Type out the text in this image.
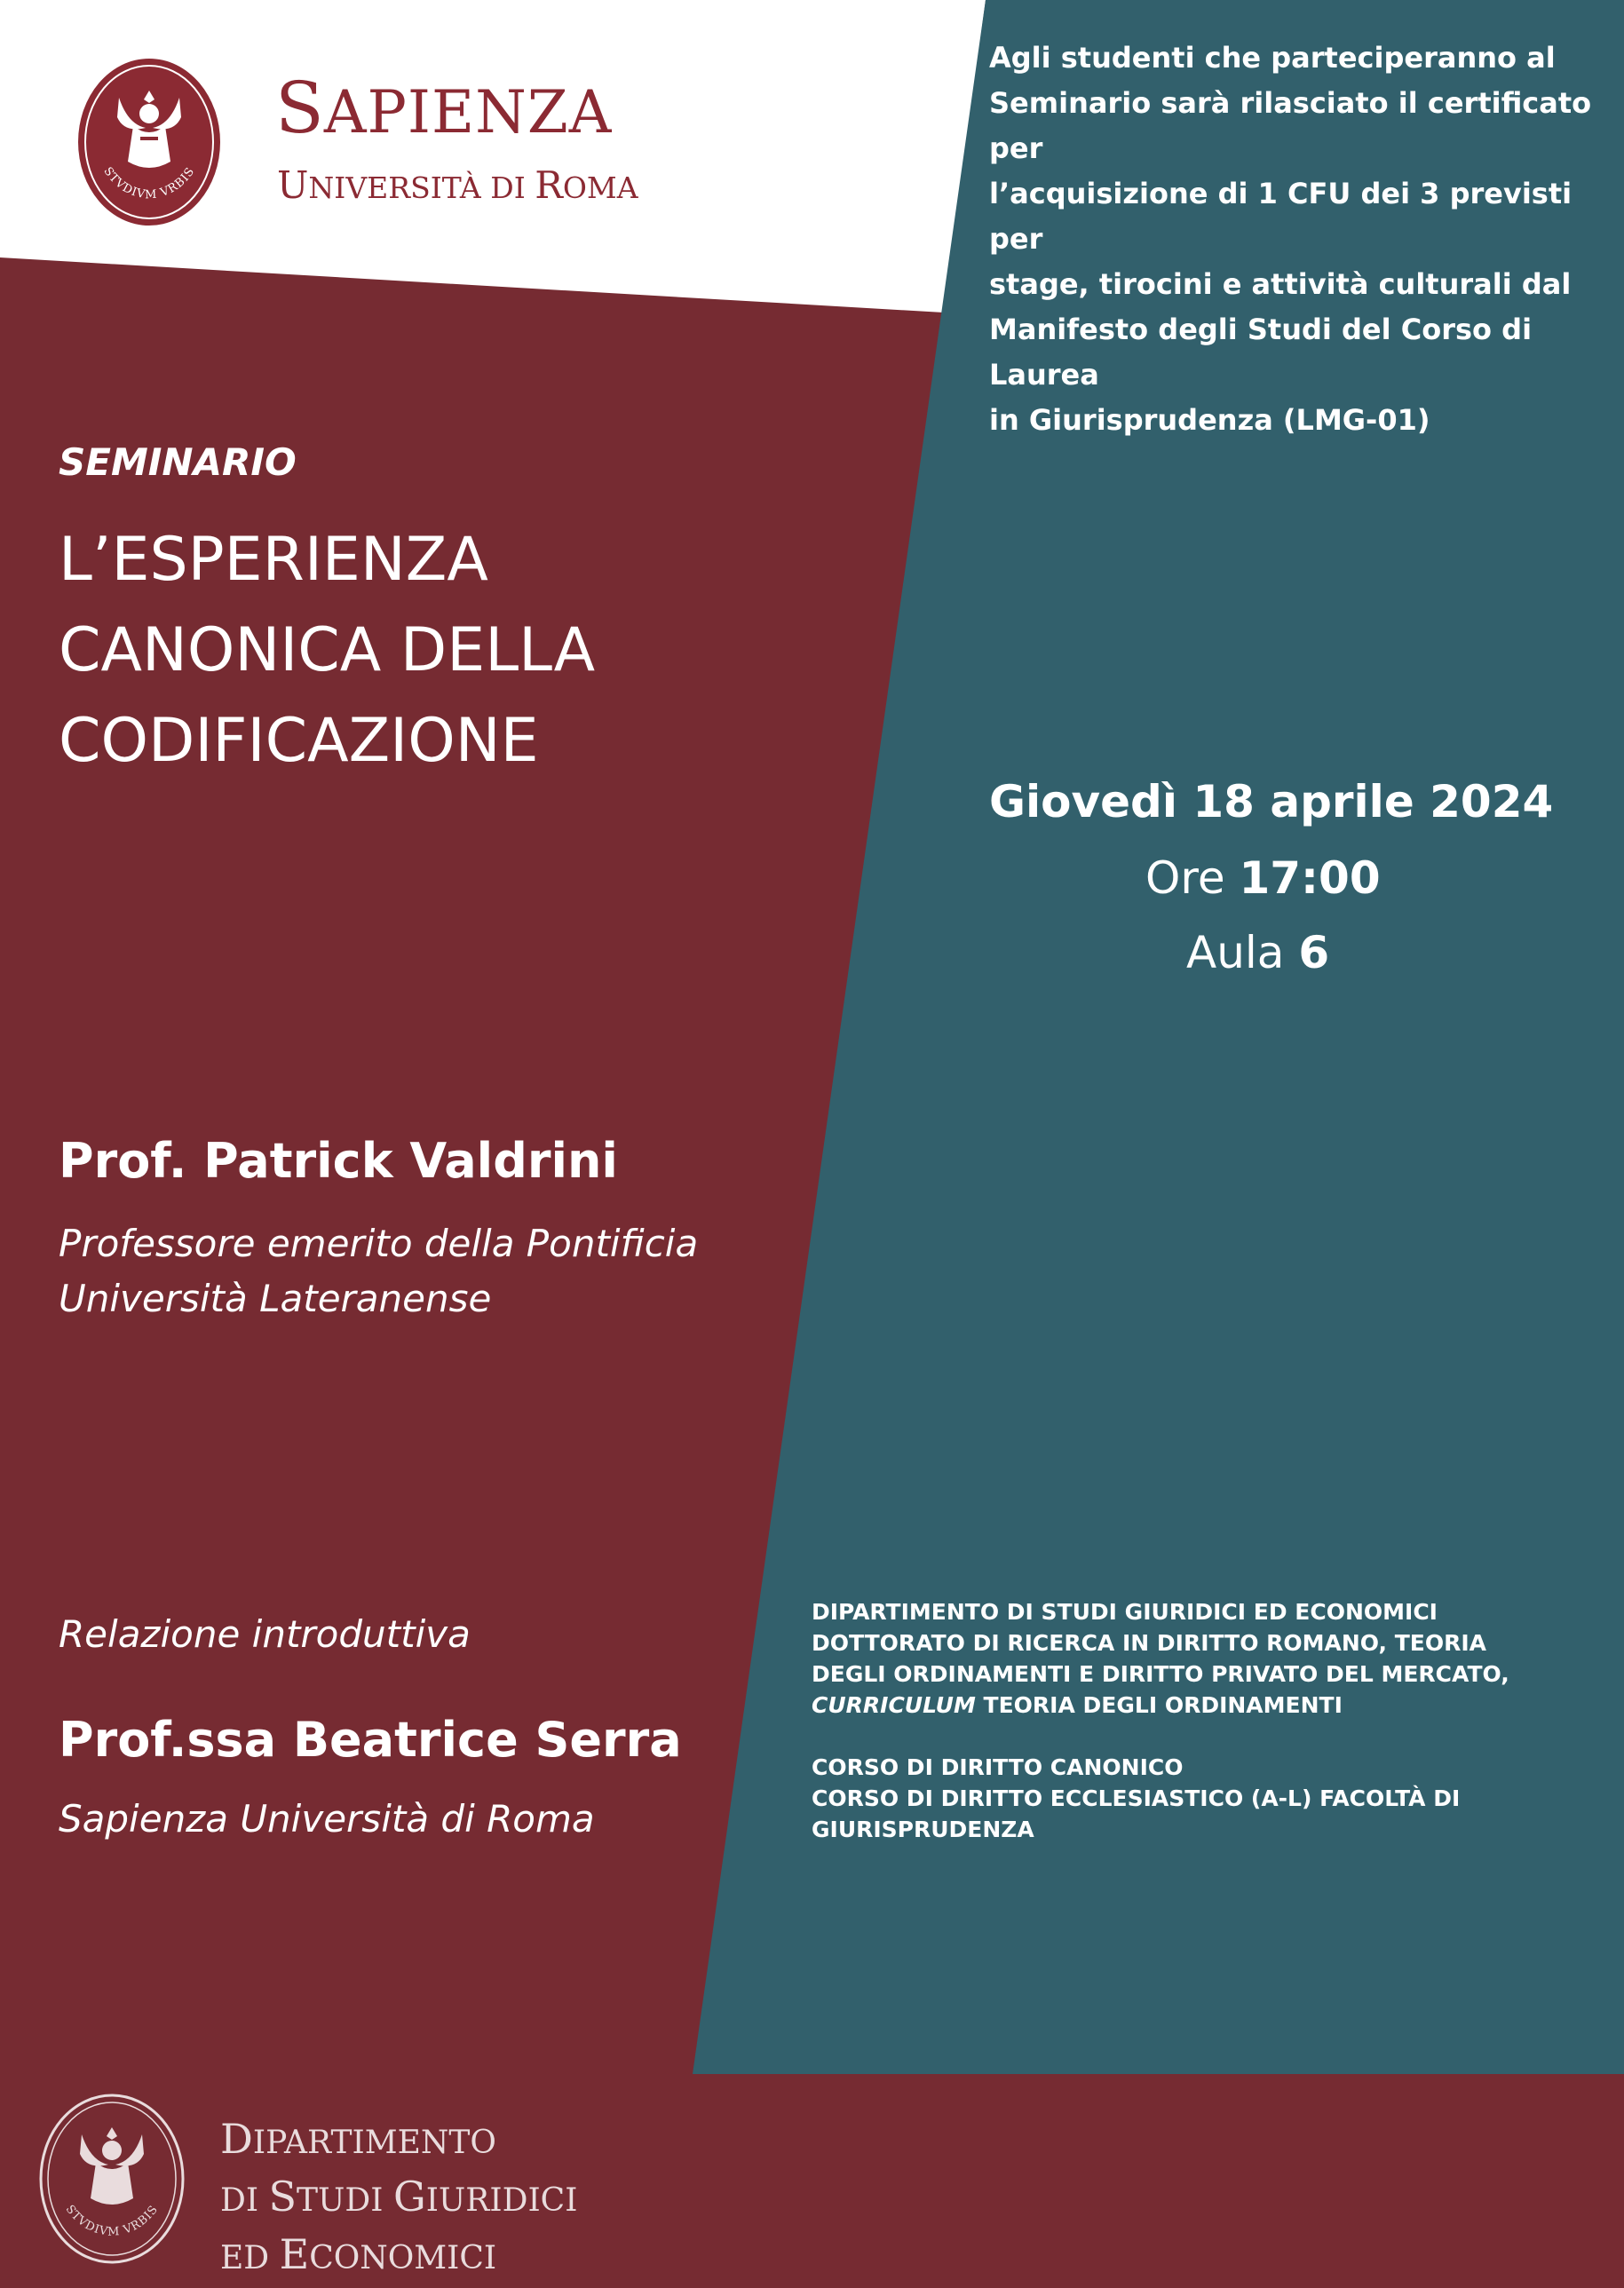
STVDIVM VRBIS
SAPIENZA
UNIVERSITÀ DI ROMA
Agli studenti che parteciperanno al
Seminario sarà rilasciato il certificato per
l’acquisizione di 1 CFU dei 3 previsti per
stage, tirocini e attività culturali dal
Manifesto degli Studi del Corso di Laurea
in Giurisprudenza (LMG-01)
SEMINARIO
L’ESPERIENZA
CANONICA DELLA
CODIFICAZIONE
Giovedì 18 aprile 2024
Ore 17:00
Aula 6
Prof. Patrick Valdrini
Professore emerito della Pontificia
Università Lateranense
Relazione introduttiva
Prof.ssa Beatrice Serra
Sapienza Università di Roma
DIPARTIMENTO DI STUDI GIURIDICI ED ECONOMICI
DOTTORATO DI RICERCA IN DIRITTO ROMANO, TEORIA
DEGLI ORDINAMENTI E DIRITTO PRIVATO DEL MERCATO,
CURRICULUM TEORIA DEGLI ORDINAMENTI
CORSO DI DIRITTO CANONICO
CORSO DI DIRITTO ECCLESIASTICO (A-L) FACOLTÀ DI
GIURISPRUDENZA
STVDIVM VRBIS
DIPARTIMENTO
DI STUDI GIURIDICI
ED ECONOMICI
